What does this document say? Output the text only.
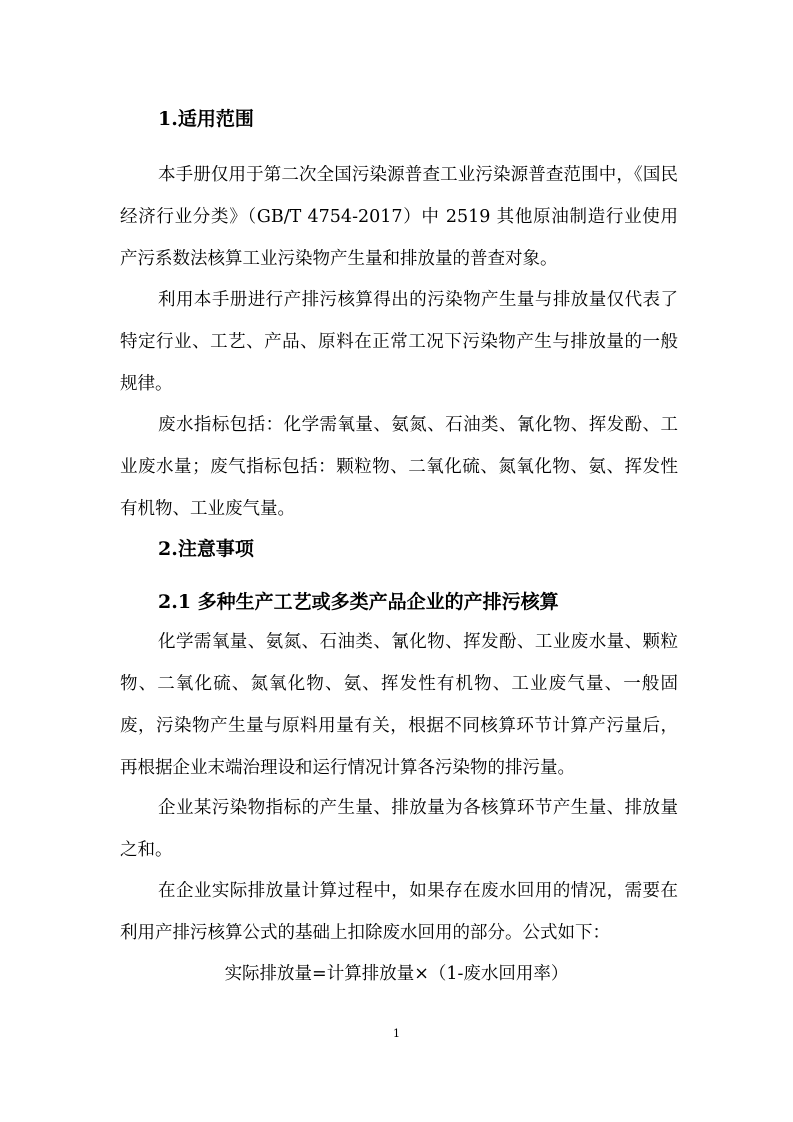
1.适用范围

本手册仅用于第二次全国污染源普查工业污染源普查范围中，《国民经济行业分类》（GB/T 4754-2017）中 2519 其他原油制造行业使用产污系数法核算工业污染物产生量和排放量的普查对象。

利用本手册进行产排污核算得出的污染物产生量与排放量仅代表了特定行业、工艺、产品、原料在正常工况下污染物产生与排放量的一般规律。

废水指标包括：化学需氧量、氨氮、石油类、氰化物、挥发酚、工业废水量；废气指标包括：颗粒物、二氧化硫、氮氧化物、氨、挥发性有机物、工业废气量。

2.注意事项
2.1 多种生产工艺或多类产品企业的产排污核算

化学需氧量、氨氮、石油类、氰化物、挥发酚、工业废水量、颗粒物、二氧化硫、氮氧化物、氨、挥发性有机物、工业废气量、一般固废，污染物产生量与原料用量有关，根据不同核算环节计算产污量后，再根据企业末端治理设和运行情况计算各污染物的排污量。

企业某污染物指标的产生量、排放量为各核算环节产生量、排放量之和。

在企业实际排放量计算过程中，如果存在废水回用的情况，需要在利用产排污核算公式的基础上扣除废水回用的部分。公式如下：

实际排放量=计算排放量×（1-废水回用率）
1
